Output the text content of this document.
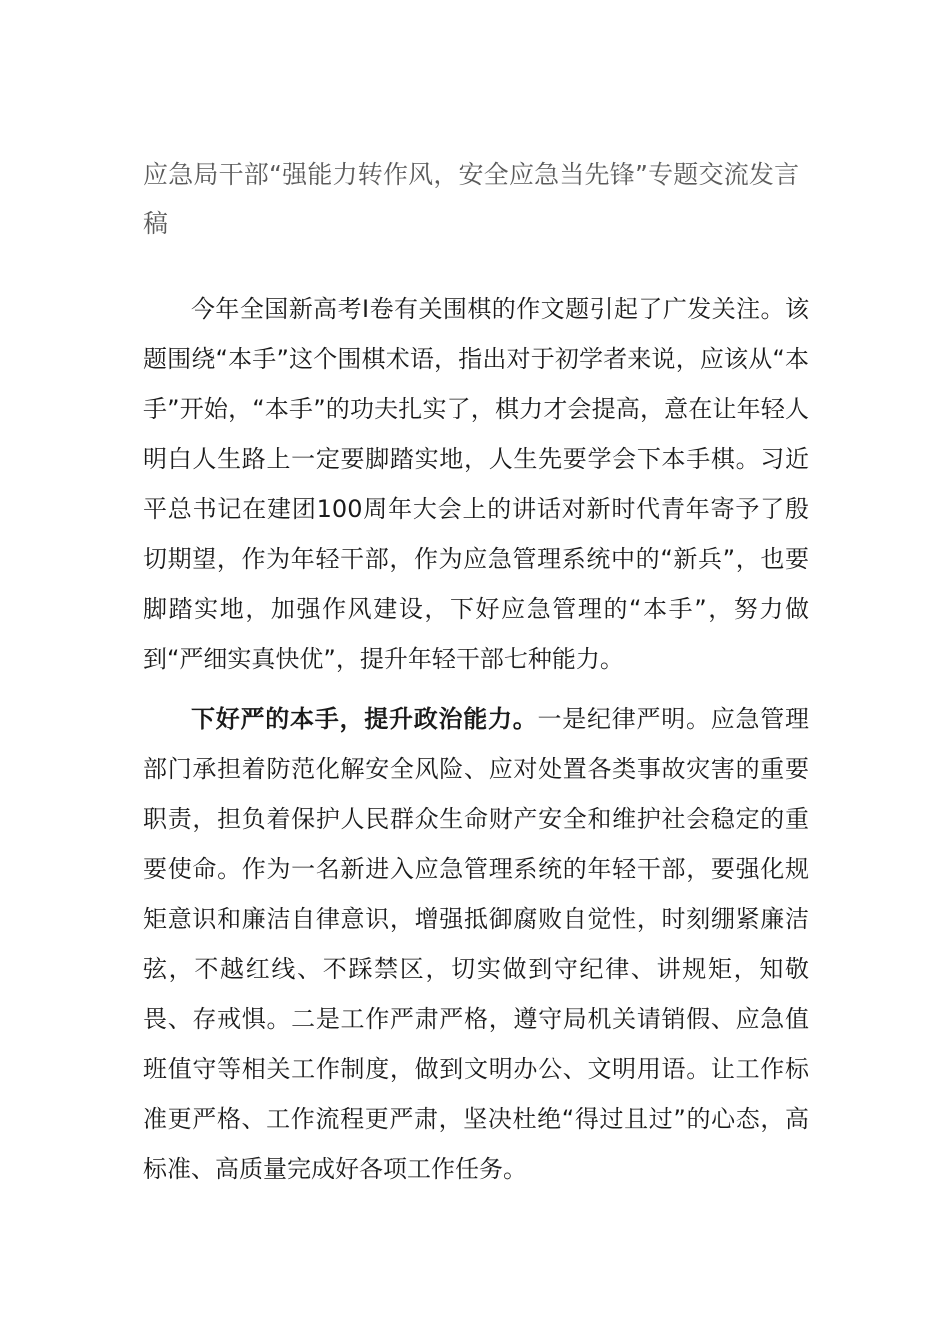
应急局干部“强能力转作风，安全应急当先锋”专题交流发言稿

今年全国新高考Ⅰ卷有关围棋的作文题引起了广发关注。该题围绕“本手”这个围棋术语，指出对于初学者来说，应该从“本手”开始，“本手”的功夫扎实了，棋力才会提高，意在让年轻人明白人生路上一定要脚踏实地，人生先要学会下本手棋。习近平总书记在建团100周年大会上的讲话对新时代青年寄予了殷切期望，作为年轻干部，作为应急管理系统中的“新兵”，也要脚踏实地，加强作风建设，下好应急管理的“本手”，努力做到“严细实真快优”，提升年轻干部七种能力。

下好严的本手，提升政治能力。一是纪律严明。应急管理部门承担着防范化解安全风险、应对处置各类事故灾害的重要职责，担负着保护人民群众生命财产安全和维护社会稳定的重要使命。作为一名新进入应急管理系统的年轻干部，要强化规矩意识和廉洁自律意识，增强抵御腐败自觉性，时刻绷紧廉洁弦，不越红线、不踩禁区，切实做到守纪律、讲规矩，知敬畏、存戒惧。二是工作严肃严格，遵守局机关请销假、应急值班值守等相关工作制度，做到文明办公、文明用语。让工作标准更严格、工作流程更严肃，坚决杜绝“得过且过”的心态，高标准、高质量完成好各项工作任务。
